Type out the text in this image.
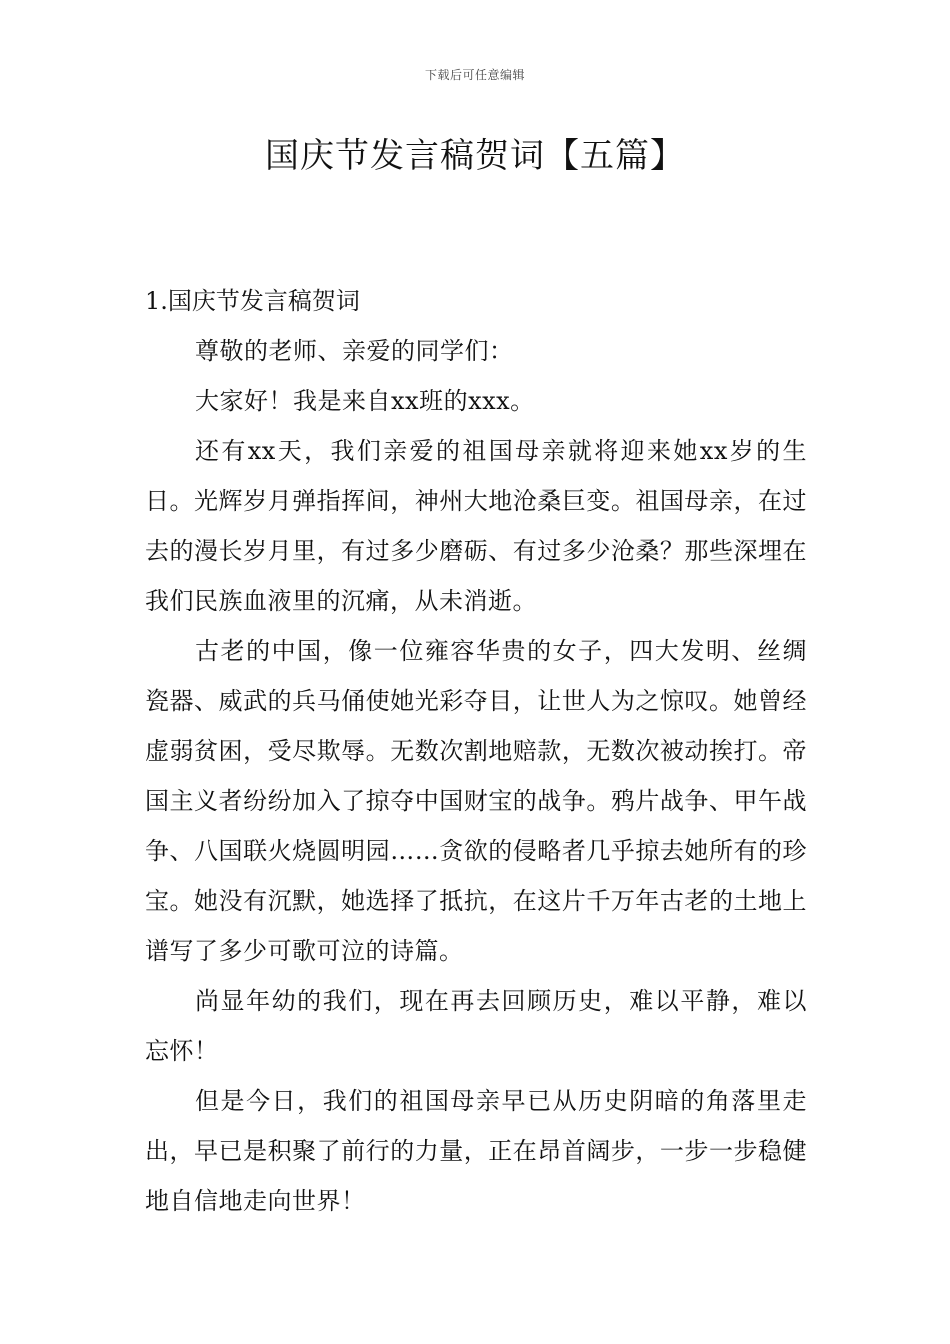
下载后可任意编辑
国庆节发言稿贺词【五篇】
1.国庆节发言稿贺词

尊敬的老师、亲爱的同学们：

大家好！我是来自xx班的xxx。

还有xx天，我们亲爱的祖国母亲就将迎来她xx岁的生日。光辉岁月弹指挥间，神州大地沧桑巨变。祖国母亲，在过去的漫长岁月里，有过多少磨砺、有过多少沧桑？那些深埋在我们民族血液里的沉痛，从未消逝。

古老的中国，像一位雍容华贵的女子，四大发明、丝绸瓷器、威武的兵马俑使她光彩夺目，让世人为之惊叹。她曾经虚弱贫困，受尽欺辱。无数次割地赔款，无数次被动挨打。帝国主义者纷纷加入了掠夺中国财宝的战争。鸦片战争、甲午战争、八国联火烧圆明园……贪欲的侵略者几乎掠去她所有的珍宝。她没有沉默，她选择了抵抗，在这片千万年古老的土地上谱写了多少可歌可泣的诗篇。

尚显年幼的我们，现在再去回顾历史，难以平静，难以忘怀！

但是今日，我们的祖国母亲早已从历史阴暗的角落里走出，早已是积聚了前行的力量，正在昂首阔步，一步一步稳健地自信地走向世界！
